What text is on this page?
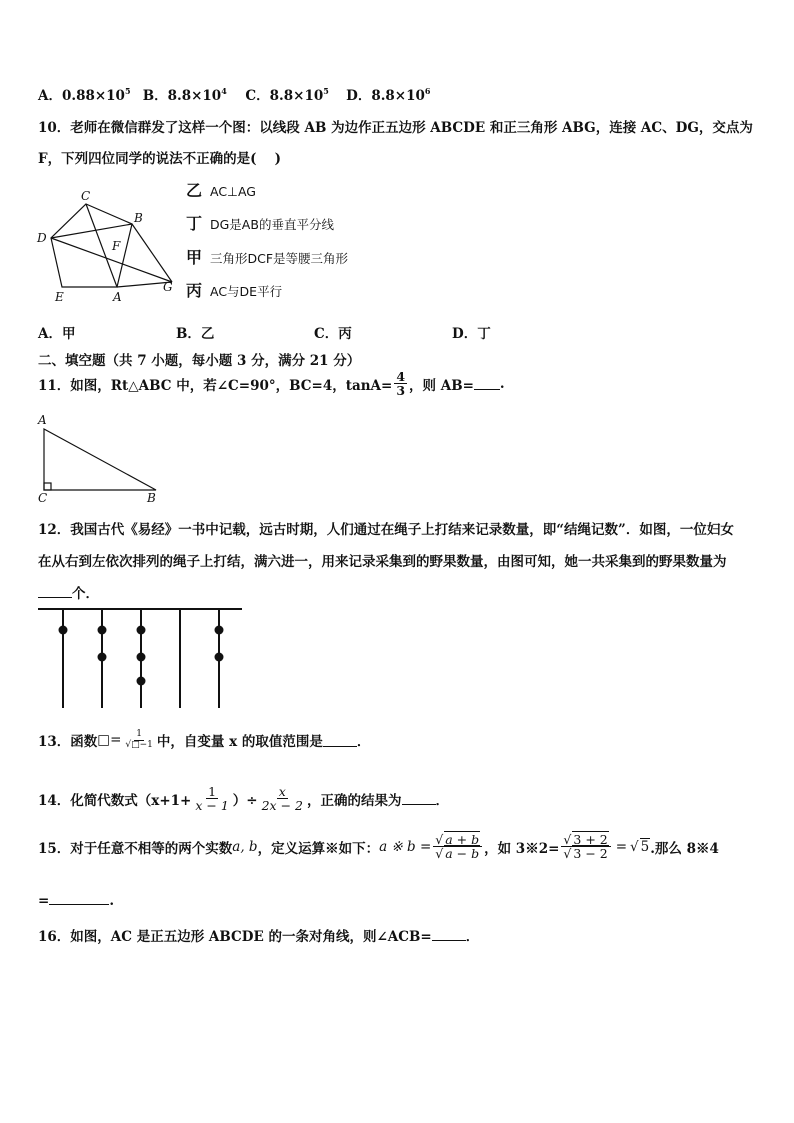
A．0.88×105 B．8.8×104 C．8.8×105 D．8.8×106
10．老师在微信群发了这样一个图：以线段 AB 为边作正五边形 ABCDE 和正三角形 ABG，连接 AC、DG，交点为
F，下列四位同学的说法不正确的是(　 )
C
B
D
F
E	A
G
乙 AC⊥AG
丁 DG是AB的垂直平分线
甲 三角形DCF是等腰三角形
丙 AC与DE平行
A．甲	B．乙	C．丙	D．丁
二、填空题（共 7 小题，每小题 3 分，满分 21 分）
11．如图，Rt△ABC 中，若∠C=90°，BC=4，$\tan A= \frac{4}{3}$ ，则 AB= .
A
C	B
12．我国古代《易经》一书中记载，远古时期，人们通过在绳子上打结来记录数量，即“结绳记数”．如图，一位妇女
在从右到左依次排列的绳子上打结，满六进一，用来记录采集到的野果数量，由图可知，她一共采集到的野果数量为
个．
13．函数 □ = $\frac{1}{√□-1}$ 中，自变量 x 的取值范围是	．
14．化简代数式（$x+1+ \frac{1}{x - 1}$ ）÷ $\frac{x}{2x - 2}$ ，正确的结果为	．
15．对于任意不相等的两个实数 a, b ，定义运算※如下： a ※ $b = \frac{√ a + b}{√ a - b}$ ，如 3※2= $\frac{√ 3 + 2}{√ 3 - 2}$ = √ 5 .那么 8※4
=	.
16．如图，AC 是正五边形 ABCDE 的一条对角线，则∠ACB=	．
